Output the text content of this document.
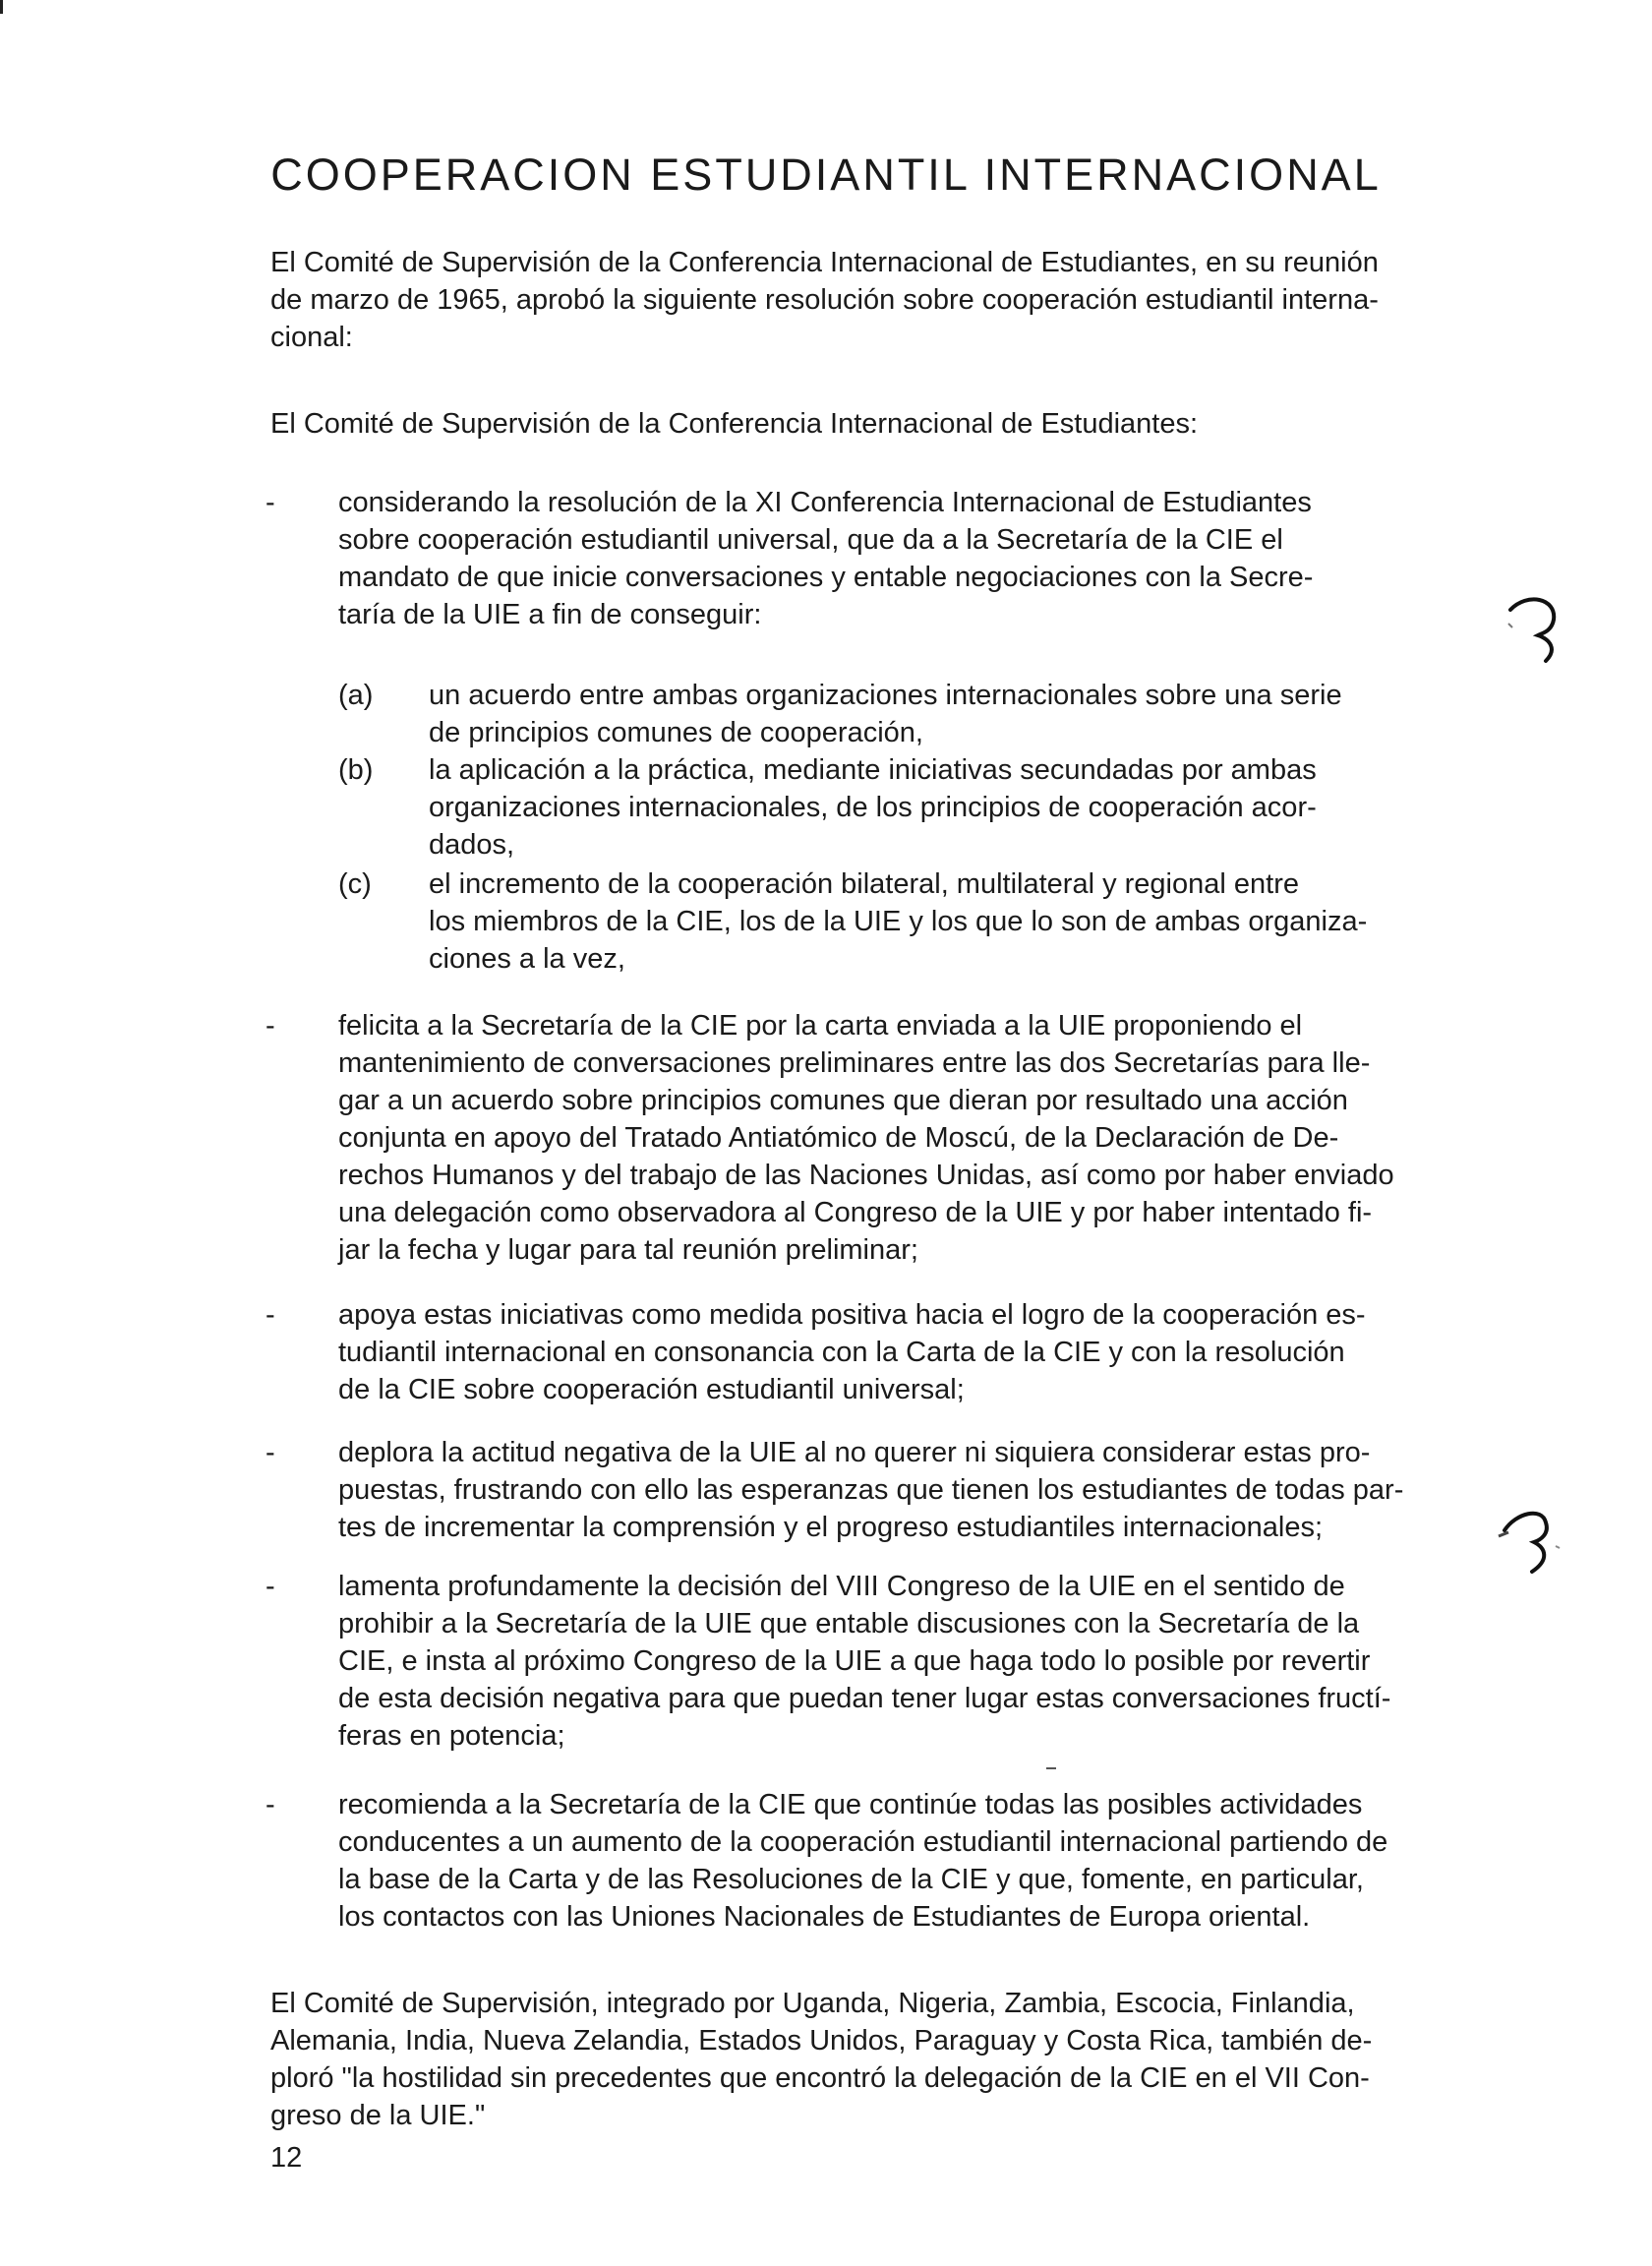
COOPERACION ESTUDIANTIL INTERNACIONAL
El Comité de Supervisión de la Conferencia Internacional de Estudiantes, en su reunión
de marzo de 1965, aprobó la siguiente resolución sobre cooperación estudiantil interna-
cional:
El Comité de Supervisión de la Conferencia Internacional de Estudiantes:
- considerando la resolución de la XI Conferencia Internacional de Estudiantes
sobre cooperación estudiantil universal, que da a la Secretaría de la CIE el
mandato de que inicie conversaciones y entable negociaciones con la Secre-
taría de la UIE a fin de conseguir:
(a) un acuerdo entre ambas organizaciones internacionales sobre una serie
de principios comunes de cooperación,
(b) la aplicación a la práctica, mediante iniciativas secundadas por ambas
organizaciones internacionales, de los principios de cooperación acor-
dados,
(c) el incremento de la cooperación bilateral, multilateral y regional entre
los miembros de la CIE, los de la UIE y los que lo son de ambas organiza-
ciones a la vez,
- felicita a la Secretaría de la CIE por la carta enviada a la UIE proponiendo el
mantenimiento de conversaciones preliminares entre las dos Secretarías para lle-
gar a un acuerdo sobre principios comunes que dieran por resultado una acción
conjunta en apoyo del Tratado Antiatómico de Moscú, de la Declaración de De-
rechos Humanos y del trabajo de las Naciones Unidas, así como por haber enviado
una delegación como observadora al Congreso de la UIE y por haber intentado fi-
jar la fecha y lugar para tal reunión preliminar;
- apoya estas iniciativas como medida positiva hacia el logro de la cooperación es-
tudiantil internacional en consonancia con la Carta de la CIE y con la resolución
de la CIE sobre cooperación estudiantil universal;
- deplora la actitud negativa de la UIE al no querer ni siquiera considerar estas pro-
puestas, frustrando con ello las esperanzas que tienen los estudiantes de todas par-
tes de incrementar la comprensión y el progreso estudiantiles internacionales;
- lamenta profundamente la decisión del VIII Congreso de la UIE en el sentido de
prohibir a la Secretaría de la UIE que entable discusiones con la Secretaría de la
CIE, e insta al próximo Congreso de la UIE a que haga todo lo posible por revertir
de esta decisión negativa para que puedan tener lugar estas conversaciones fructí-
feras en potencia;
- recomienda a la Secretaría de la CIE que continúe todas las posibles actividades
conducentes a un aumento de la cooperación estudiantil internacional partiendo de
la base de la Carta y de las Resoluciones de la CIE y que, fomente, en particular,
los contactos con las Uniones Nacionales de Estudiantes de Europa oriental.
El Comité de Supervisión, integrado por Uganda, Nigeria, Zambia, Escocia, Finlandia,
Alemania, India, Nueva Zelandia, Estados Unidos, Paraguay y Costa Rica, también de-
ploró "la hostilidad sin precedentes que encontró la delegación de la CIE en el VII Con-
greso de la UIE."
12
